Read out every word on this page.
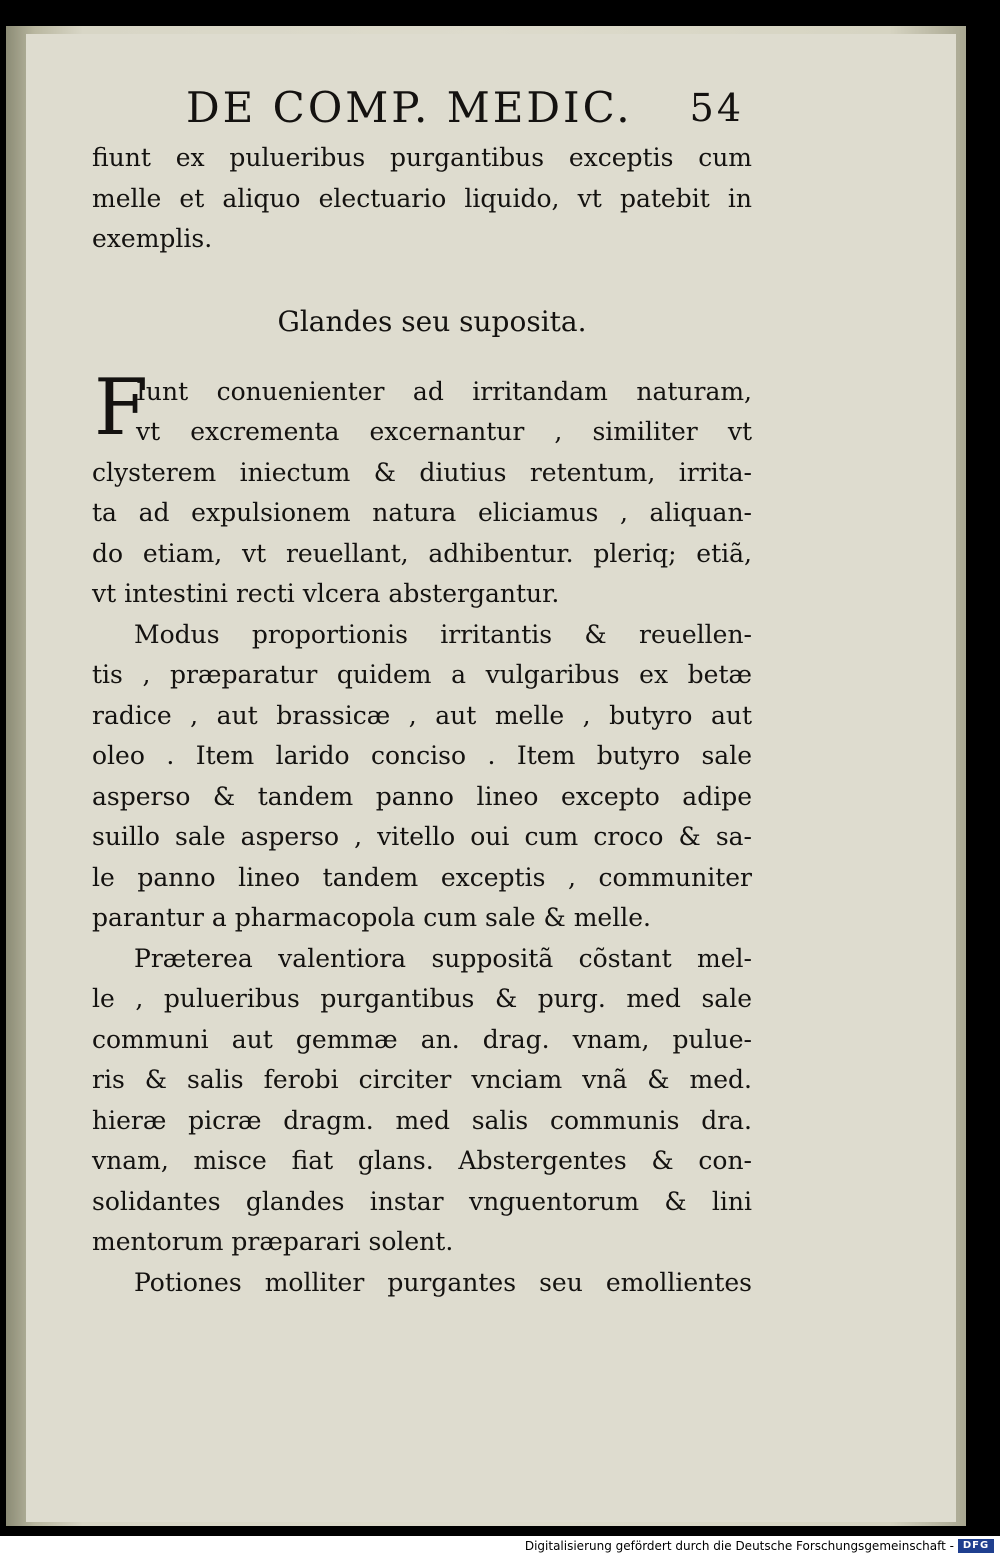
DE COMP. MEDIC. 54
fiunt ex pulueribus purgantibus exceptis cum
melle et aliquo electuario liquido, vt patebit in
exemplis.
Glandes seu suposita.
F
Iunt conuenienter ad irritandam naturam,
vt excrementa excernantur , similiter vt
clysterem iniectum & diutius retentum, irrita-
ta ad expulsionem natura eliciamus , aliquan-
do etiam, vt reuellant, adhibentur. pleriq; etiã,
vt intestini recti vlcera abstergantur.
Modus proportionis irritantis & reuellen-
tis , præparatur quidem a vulgaribus ex betæ
radice , aut brassicæ , aut melle , butyro aut
oleo . Item larido conciso . Item butyro sale
asperso & tandem panno lineo excepto adipe
suillo sale asperso , vitello oui cum croco & sa-
le panno lineo tandem exceptis , communiter
parantur a pharmacopola cum sale & melle.
Præterea valentiora suppositã cõstant mel-
le , pulueribus purgantibus & purg. med sale
communi aut gemmæ an. drag. vnam, pulue-
ris & salis ferobi circiter vnciam vnã & med.
hieræ picræ dragm. med salis communis dra.
vnam, misce fiat glans. Abstergentes & con-
solidantes glandes instar vnguentorum & lini
mentorum præparari solent.
Potiones molliter purgantes seu emollientes
Digitalisierung gefördert durch die Deutsche Forschungsgemeinschaft - DFG
